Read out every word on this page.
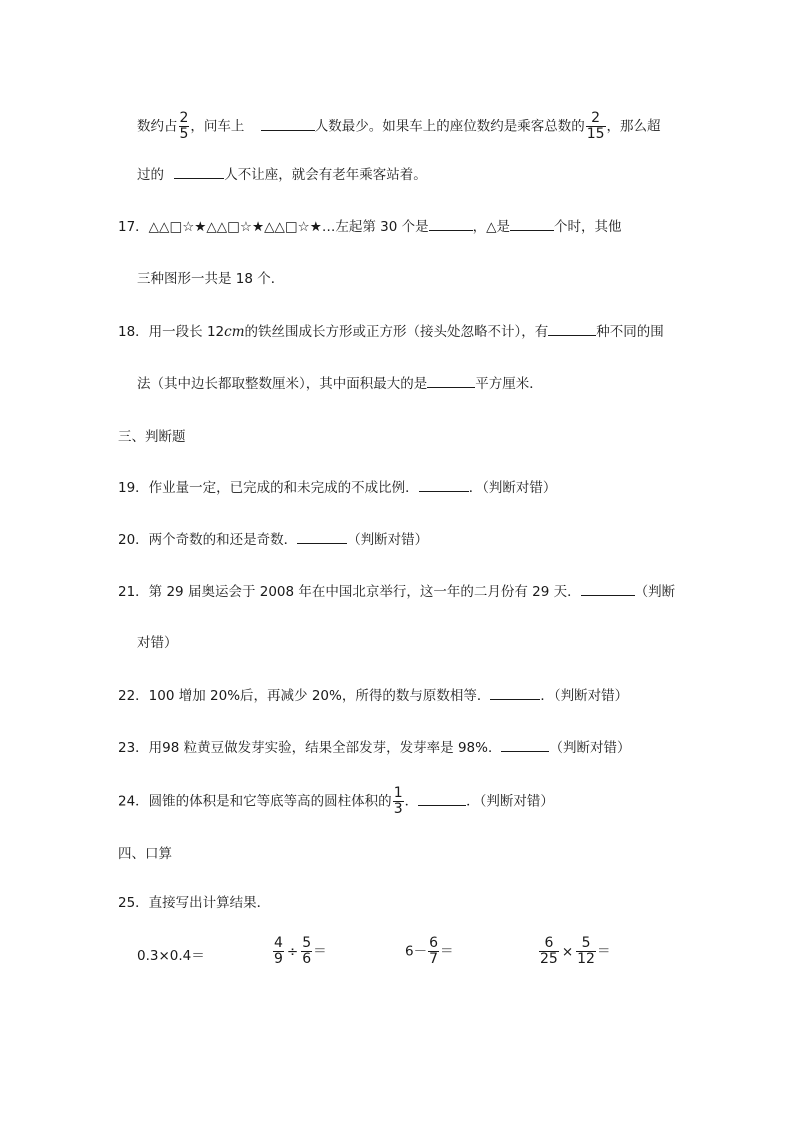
数约占 $\frac{2}{5}$ ，问车上	人数最少。如果车上的座位数约是乘客总数的 $\frac{2}{15}$ ，那么超
过的	人不让座，就会有老年乘客站着。
17．△△□☆★△△□☆★△△□☆★…左起第 30 个是	，△是	个时，其他
三种图形一共是 18 个．
18．用一段长 12cm的铁丝围成长方形或正方形（接头处忽略不计），有	种不同的围
法（其中边长都取整数厘米），其中面积最大的是	平方厘米．
三、判断题
19．作业量一定，已完成的和未完成的不成比例．	．（判断对错）
20．两个奇数的和还是奇数．	（判断对错）
21．第 29 届奥运会于 2008 年在中国北京举行，这一年的二月份有 29 天．	（判断
对错）
22．100 增加 20%后，再减少 20%，所得的数与原数相等．	．（判断对错）
23．用98 粒黄豆做发芽实验，结果全部发芽，发芽率是 98%．	（判断对错）
24．圆锥的体积是和它等底等高的圆柱体积的 $\frac{1}{3}$ ．	．（判断对错）
四、口算
25．直接写出计算结果．
0.3×0.4＝	$\frac{4}{9} \div \frac{5}{6}$ ＝	$6- \frac{6}{7}$ ＝	$\frac{6}{25} \times \frac{5}{12}$ ＝
